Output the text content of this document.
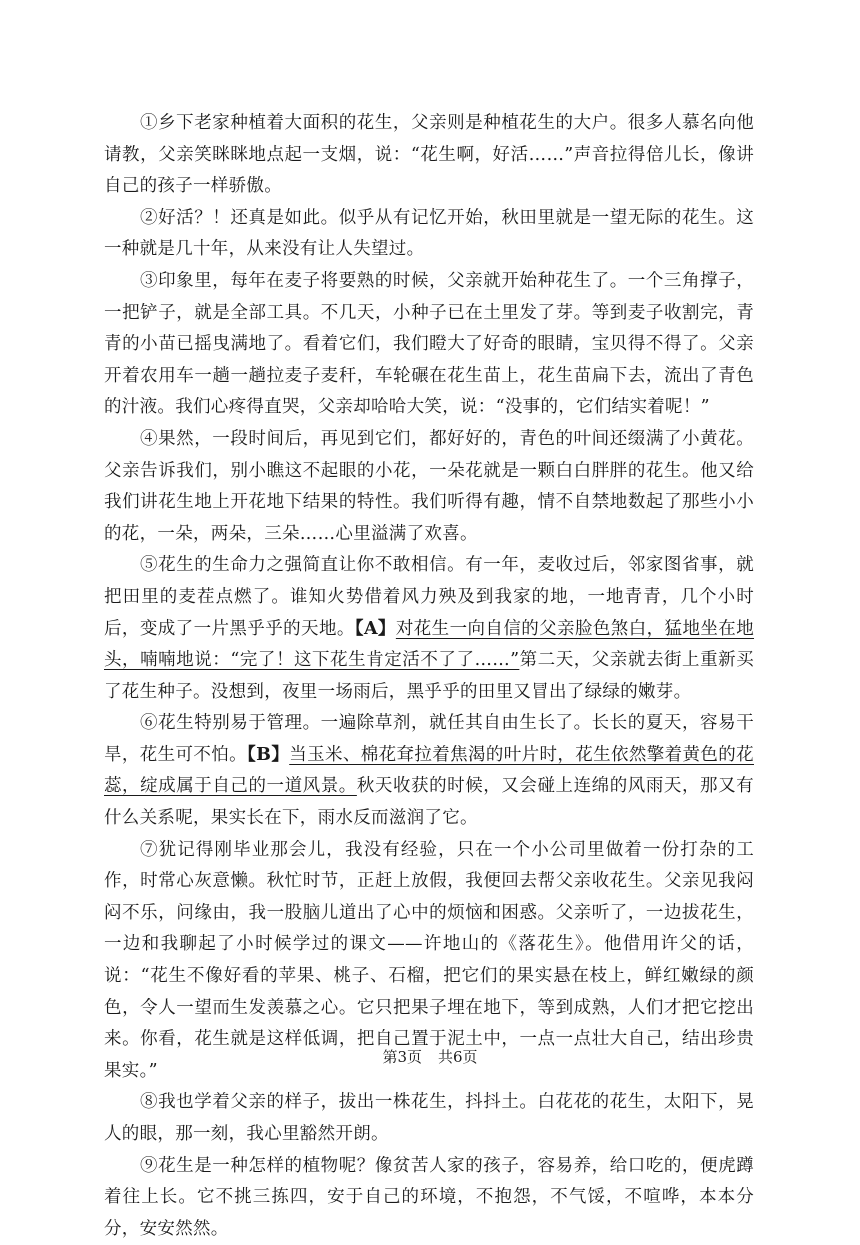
①乡下老家种植着大面积的花生，父亲则是种植花生的大户。很多人慕名向他请教，父亲笑眯眯地点起一支烟，说：“花生啊，好活……”声音拉得倍儿长，像讲自己的孩子一样骄傲。

②好活？！还真是如此。似乎从有记忆开始，秋田里就是一望无际的花生。这一种就是几十年，从来没有让人失望过。

③印象里，每年在麦子将要熟的时候，父亲就开始种花生了。一个三角撑子，一把铲子，就是全部工具。不几天，小种子已在土里发了芽。等到麦子收割完，青青的小苗已摇曳满地了。看着它们，我们瞪大了好奇的眼睛，宝贝得不得了。父亲开着农用车一趟一趟拉麦子麦秆，车轮碾在花生苗上，花生苗扁下去，流出了青色的汁液。我们心疼得直哭，父亲却哈哈大笑，说：“没事的，它们结实着呢！”

④果然，一段时间后，再见到它们，都好好的，青色的叶间还缀满了小黄花。父亲告诉我们，别小瞧这不起眼的小花，一朵花就是一颗白白胖胖的花生。他又给我们讲花生地上开花地下结果的特性。我们听得有趣，情不自禁地数起了那些小小的花，一朵，两朵，三朵……心里溢满了欢喜。

⑤花生的生命力之强简直让你不敢相信。有一年，麦收过后，邻家图省事，就把田里的麦茬点燃了。谁知火势借着风力殃及到我家的地，一地青青，几个小时后，变成了一片黑乎乎的天地。【A】对花生一向自信的父亲脸色煞白，猛地坐在地头，喃喃地说：“完了！这下花生肯定活不了了……”第二天，父亲就去街上重新买了花生种子。没想到，夜里一场雨后，黑乎乎的田里又冒出了绿绿的嫩芽。

⑥花生特别易于管理。一遍除草剂，就任其自由生长了。长长的夏天，容易干旱，花生可不怕。【B】当玉米、棉花耷拉着焦渴的叶片时，花生依然擎着黄色的花蕊，绽成属于自己的一道风景。秋天收获的时候，又会碰上连绵的风雨天，那又有什么关系呢，果实长在下，雨水反而滋润了它。

⑦犹记得刚毕业那会儿，我没有经验，只在一个小公司里做着一份打杂的工作，时常心灰意懒。秋忙时节，正赶上放假，我便回去帮父亲收花生。父亲见我闷闷不乐，问缘由，我一股脑儿道出了心中的烦恼和困惑。父亲听了，一边拔花生，一边和我聊起了小时候学过的课文——许地山的《落花生》。他借用许父的话，说：“花生不像好看的苹果、桃子、石榴，把它们的果实悬在枝上，鲜红嫩绿的颜色，令人一望而生发羡慕之心。它只把果子埋在地下，等到成熟，人们才把它挖出来。你看，花生就是这样低调，把自己置于泥土中，一点一点壮大自己，结出珍贵果实。”

⑧我也学着父亲的样子，拔出一株花生，抖抖土。白花花的花生，太阳下，晃人的眼，那一刻，我心里豁然开朗。

⑨花生是一种怎样的植物呢？像贫苦人家的孩子，容易养，给口吃的，便虎蹲着往上长。它不挑三拣四，安于自己的环境，不抱怨，不气馁，不喧哗，本本分分，安安然然。

第3页 共6页
